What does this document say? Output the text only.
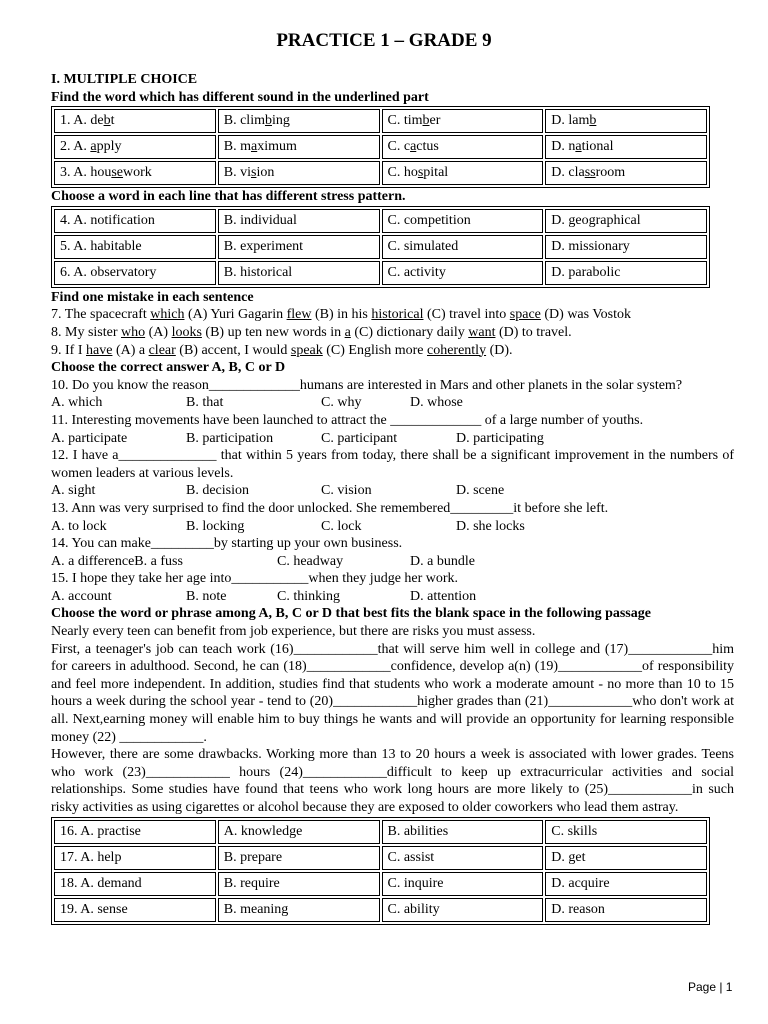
PRACTICE 1 – GRADE 9
I. MULTIPLE CHOICE
Find the word which has different sound in the underlined part
1. A. debt	B. climbing	C. timber	D. lamb
2. A. apply	B. maximum	C. cactus	D. national
3. A. housework	B. vision	C. hospital	D. classroom
Choose a word in each line that has different stress pattern.
4. A. notification	B. individual	C. competition	D. geographical
5. A. habitable	B. experiment	C. simulated	D. missionary
6. A. observatory	B. historical	C. activity	D. parabolic
Find one mistake in each sentence
7. The spacecraft which (A) Yuri Gagarin flew (B) in his historical (C) travel into space (D) was Vostok
8. My sister who (A) looks (B) up ten new words in a (C) dictionary daily want (D) to travel.
9. If I have (A) a clear (B) accent, I would speak (C) English more coherently (D).
Choose the correct answer A, B, C or D
10. Do you know the reason_____________humans are interested in Mars and other planets in the solar system?
A. which	B. that	C. why	D. whose
11. Interesting movements have been launched to attract the _____________ of a large number of youths.
A. participate	B. participation	C. participant	D. participating
12. I have a______________ that within 5 years from today, there shall be a significant improvement in the numbers of women leaders at various levels.
A. sight	B. decision	C. vision	D. scene
13. Ann was very surprised to find the door unlocked. She remembered_________it before she left.
A. to lock	B. locking	C. lock	D. she locks
14. You can make_________by starting up your own business.
A. a differenceB. a fuss	C. headway	D. a bundle
15. I hope they take her age into___________when they judge her work.
A. account	B. note	C. thinking	D. attention
Choose the word or phrase among A, B, C or D that best fits the blank space in the following passage
Nearly every teen can benefit from job experience, but there are risks you must assess.
First, a teenager's job can teach work (16)____________that will serve him well in college and (17)____________him for careers in adulthood. Second, he can (18)____________confidence, develop a(n) (19)____________of responsibility and feel more independent. In addition, studies find that students who work a moderate amount - no more than 10 to 15 hours a week during the school year - tend to (20)____________higher grades than (21)____________who don't work at all. Next,earning money will enable him to buy things he wants and will provide an opportunity for learning responsible money (22) ____________.
However, there are some drawbacks. Working more than 13 to 20 hours a week is associated with lower grades. Teens who work (23)____________ hours (24)____________difficult to keep up extracurricular activities and social relationships. Some studies have found that teens who work long hours are more likely to (25)____________in such risky activities as using cigarettes or alcohol because they are exposed to older coworkers who lead them astray.
16. A. practise	A. knowledge	B. abilities	C. skills
17. A. help	B. prepare	C. assist	D. get
18. A. demand	B. require	C. inquire	D. acquire
19. A. sense	B. meaning	C. ability	D. reason
Page | 1
